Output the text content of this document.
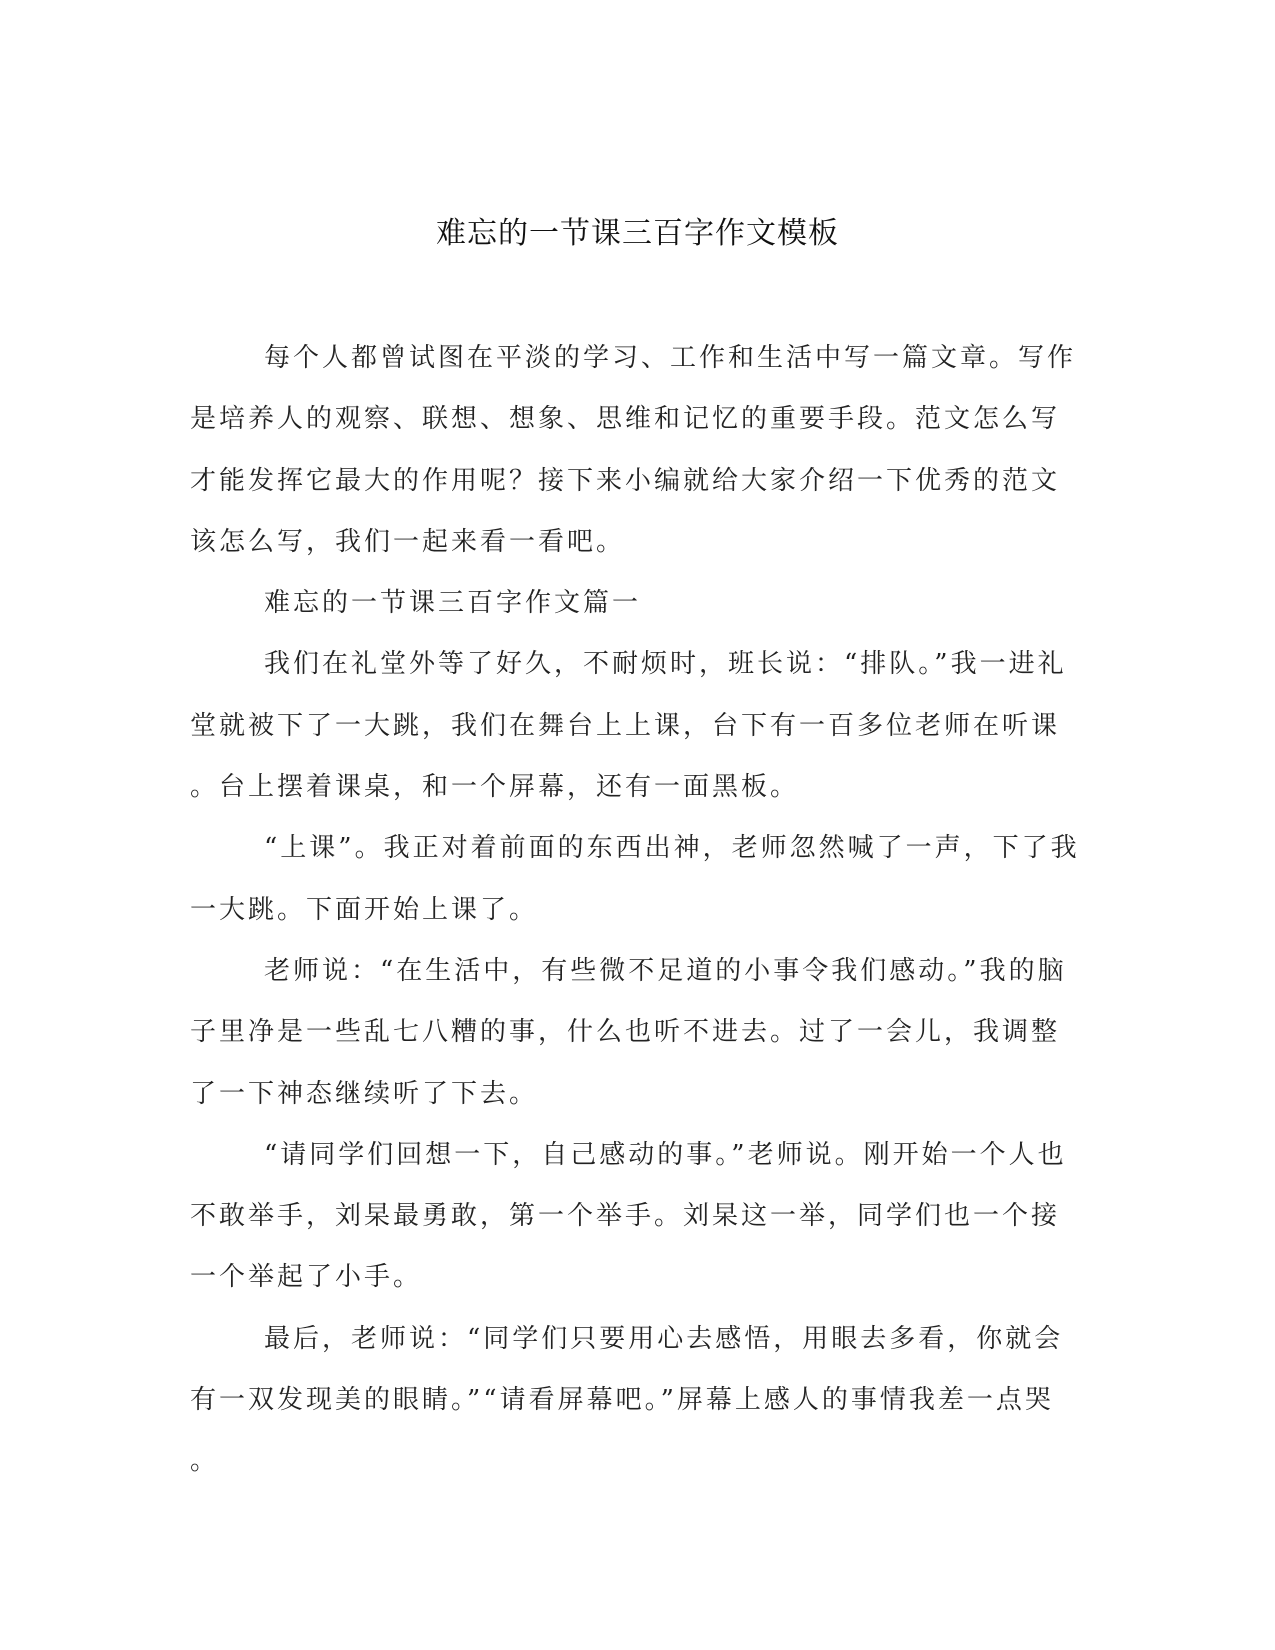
难忘的一节课三百字作文模板
每个人都曾试图在平淡的学习、工作和生活中写一篇文章。写作
是培养人的观察、联想、想象、思维和记忆的重要手段。范文怎么写
才能发挥它最大的作用呢？接下来小编就给大家介绍一下优秀的范文
该怎么写，我们一起来看一看吧。
难忘的一节课三百字作文篇一
我们在礼堂外等了好久，不耐烦时，班长说：“排队。”我一进礼
堂就被下了一大跳，我们在舞台上上课，台下有一百多位老师在听课
。台上摆着课桌，和一个屏幕，还有一面黑板。
“上课”。我正对着前面的东西出神，老师忽然喊了一声，下了我
一大跳。下面开始上课了。
老师说：“在生活中，有些微不足道的小事令我们感动。”我的脑
子里净是一些乱七八糟的事，什么也听不进去。过了一会儿，我调整
了一下神态继续听了下去。
“请同学们回想一下，自己感动的事。”老师说。刚开始一个人也
不敢举手，刘杲最勇敢，第一个举手。刘杲这一举，同学们也一个接
一个举起了小手。
最后，老师说：“同学们只要用心去感悟，用眼去多看，你就会
有一双发现美的眼睛。”“请看屏幕吧。”屏幕上感人的事情我差一点哭
。
